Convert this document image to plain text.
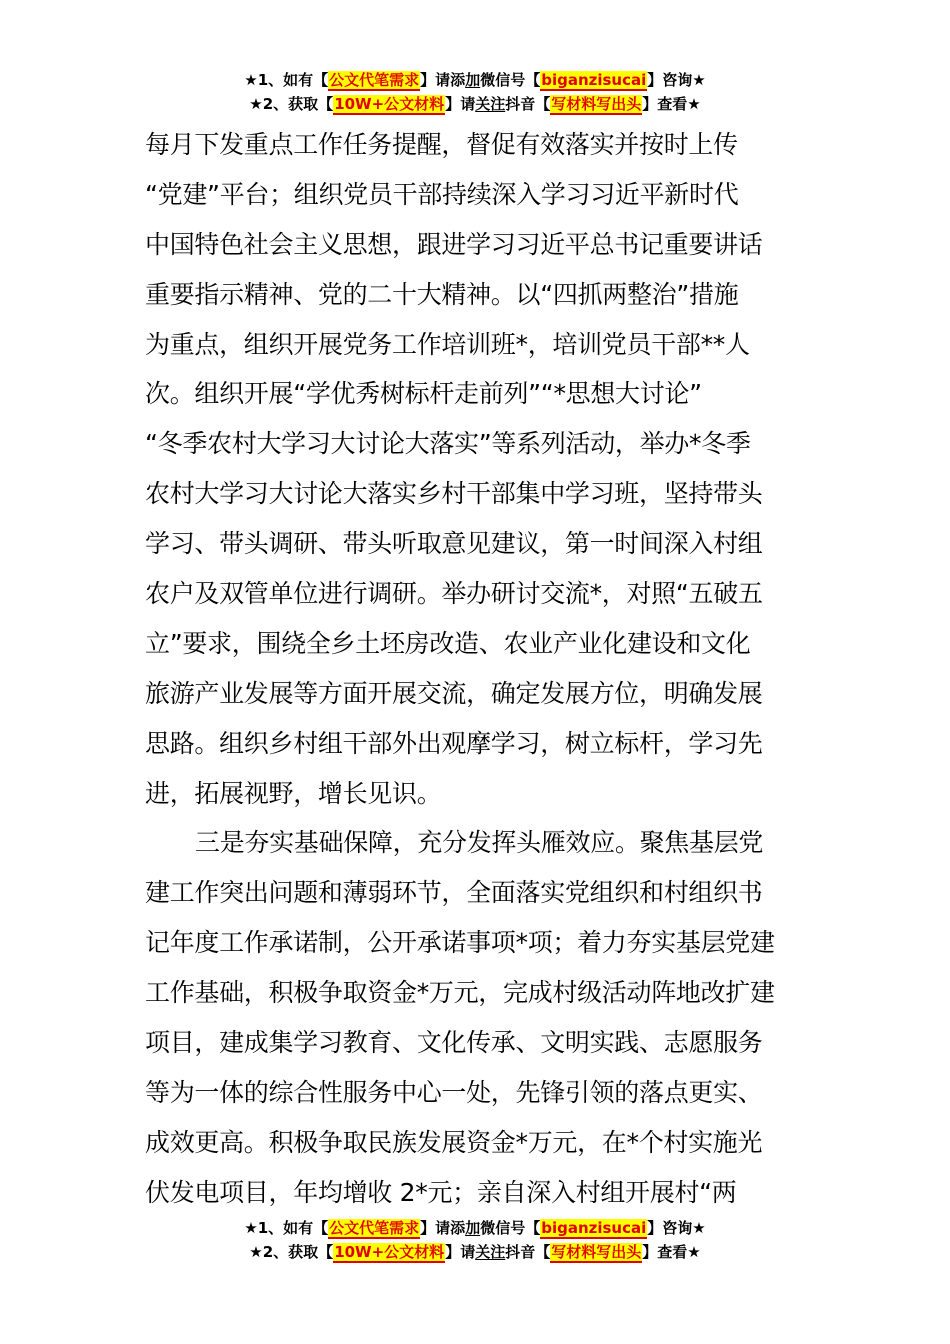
★1、如有【公文代笔需求】请添加微信号【biganzisucai】咨询★
★2、获取【10W+公文材料】请关注抖音【写材料写出头】查看★
每月下发重点工作任务提醒，督促有效落实并按时上传
“党建”平台；组织党员干部持续深入学习习近平新时代
中国特色社会主义思想，跟进学习习近平总书记重要讲话
重要指示精神、党的二十大精神。以“四抓两整治”措施
为重点，组织开展党务工作培训班*，培训党员干部**人
次。组织开展“学优秀树标杆走前列”“*思想大讨论”
“冬季农村大学习大讨论大落实”等系列活动，举办*冬季
农村大学习大讨论大落实乡村干部集中学习班，坚持带头
学习、带头调研、带头听取意见建议，第一时间深入村组
农户及双管单位进行调研。举办研讨交流*，对照“五破五
立”要求，围绕全乡土坯房改造、农业产业化建设和文化
旅游产业发展等方面开展交流，确定发展方位，明确发展
思路。组织乡村组干部外出观摩学习，树立标杆，学习先
进，拓展视野，增长见识。
三是夯实基础保障，充分发挥头雁效应。聚焦基层党
建工作突出问题和薄弱环节，全面落实党组织和村组织书
记年度工作承诺制，公开承诺事项*项；着力夯实基层党建
工作基础，积极争取资金*万元，完成村级活动阵地改扩建
项目，建成集学习教育、文化传承、文明实践、志愿服务
等为一体的综合性服务中心一处，先锋引领的落点更实、
成效更高。积极争取民族发展资金*万元，在*个村实施光
伏发电项目，年均增收 2*元；亲自深入村组开展村“两
★1、如有【公文代笔需求】请添加微信号【biganzisucai】咨询★
★2、获取【10W+公文材料】请关注抖音【写材料写出头】查看★
